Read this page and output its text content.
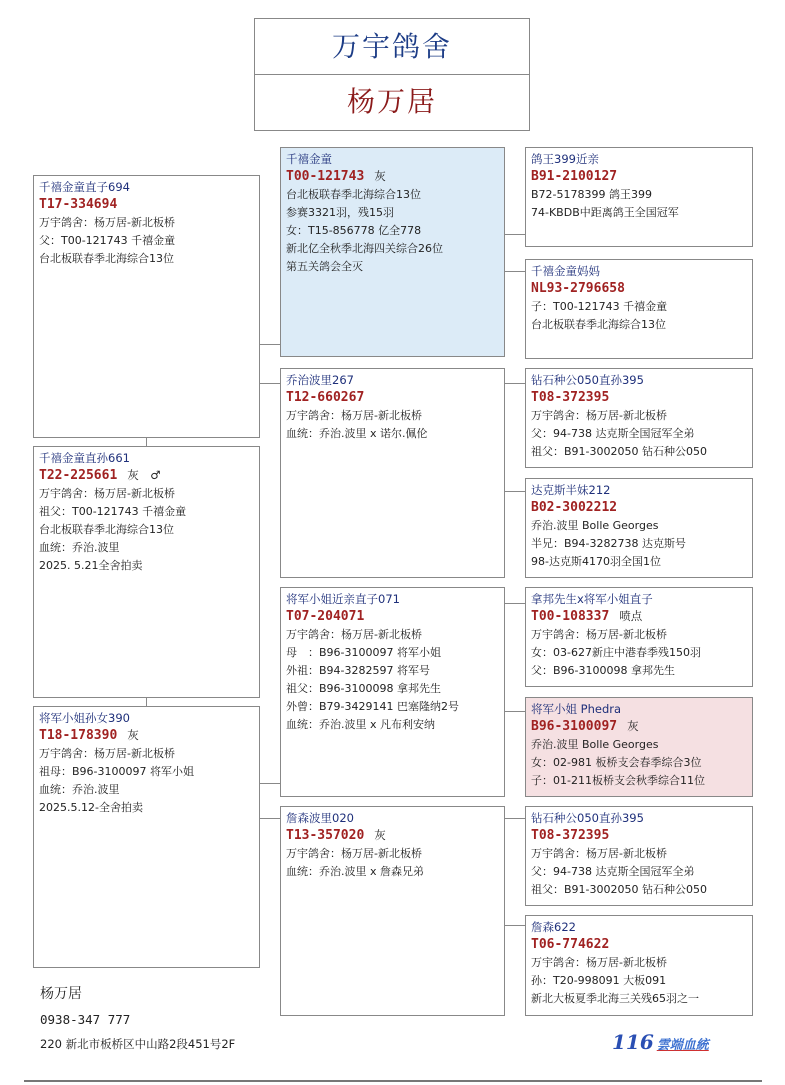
万宇鸽舍
杨万居
千禧金童直子694
T17-334694
万宇鸽舍：杨万居-新北板桥
父：T00-121743 千禧金童
台北板联春季北海综合13位
千禧金童直孙661
T22-225661 灰　♂
万宇鸽舍：杨万居-新北板桥
祖父：T00-121743 千禧金童
台北板联春季北海综合13位
血统：乔治.波里
2025. 5.21全舍拍卖
将军小姐孙女390
T18-178390 灰
万宇鸽舍：杨万居-新北板桥
祖母：B96-3100097 将军小姐
血统：乔治.波里
2025.5.12-全舍拍卖
千禧金童
T00-121743 灰
台北板联春季北海综合13位
参赛3321羽，残15羽
女：T15-856778 亿全778
新北亿全秋季北海四关综合26位
第五关鸽会全灭
乔治波里267
T12-660267
万宇鸽舍：杨万居-新北板桥
血统：乔治.波里 x 诺尔.佩伦
将军小姐近亲直子071
T07-204071
万宇鸽舍：杨万居-新北板桥
母　：B96-3100097 将军小姐
外祖：B94-3282597 将军号
祖父：B96-3100098 拿邦先生
外曾：B79-3429141 巴塞隆纳2号
血统：乔治.波里 x 凡布利安纳
詹森波里020
T13-357020 灰
万宇鸽舍：杨万居-新北板桥
血统：乔治.波里 x 詹森兄弟
鸽王399近亲
B91-2100127
B72-5178399 鸽王399
74-KBDB中距离鸽王全国冠军
千禧金童妈妈
NL93-2796658
子：T00-121743 千禧金童
台北板联春季北海综合13位
钻石种公050直孙395
T08-372395
万宇鸽舍：杨万居-新北板桥
父：94-738 达克斯全国冠军全弟
祖父：B91-3002050 钻石种公050
达克斯半妹212
B02-3002212
乔治.波里 Bolle Georges
半兄：B94-3282738 达克斯号
98-达克斯4170羽全国1位
拿邦先生x将军小姐直子
T00-108337 喷点
万宇鸽舍：杨万居-新北板桥
女：03-627新庄中港春季残150羽
父：B96-3100098 拿邦先生
将军小姐 Phedra
B96-3100097 灰
乔治.波里 Bolle Georges
女：02-981 板桥支会春季综合3位
子：01-211板桥支会秋季综合11位
钻石种公050直孙395
T08-372395
万宇鸽舍：杨万居-新北板桥
父：94-738 达克斯全国冠军全弟
祖父：B91-3002050 钻石种公050
詹森622
T06-774622
万宇鸽舍：杨万居-新北板桥
孙：T20-998091 大板091
新北大板夏季北海三关残65羽之一
杨万居
0938-347 777
220 新北市板桥区中山路2段451号2F	116 雲端血統
